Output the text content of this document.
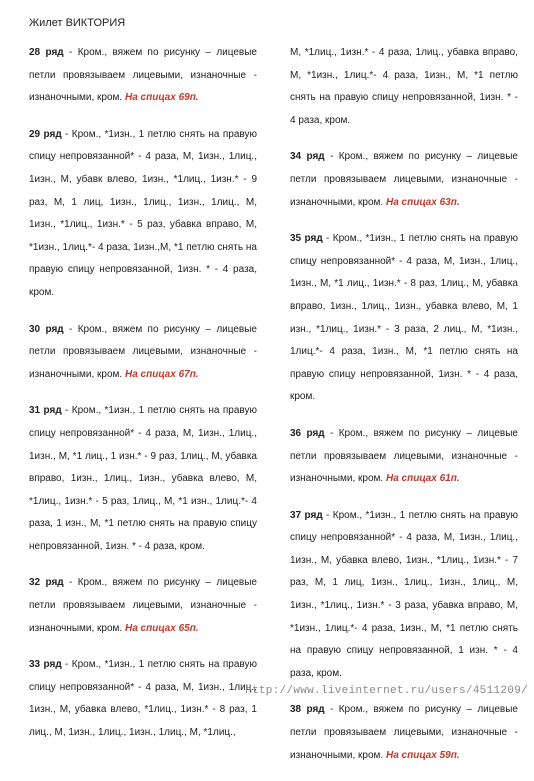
Жилет ВИКТОРИЯ

28 ряд - Кром., вяжем по рисунку – лицевые петли провязываем лицевыми, изнаночные - изнаночными, кром. На спицах 69п.

29 ряд - Кром., *1изн., 1 петлю снять на правую спицу непровязанной* - 4 раза, М, 1изн., 1лиц., 1изн., М, убавк влево, 1изн., *1лиц., 1изн.* - 9 раз, М, 1 лиц, 1изн., 1лиц., 1изн., 1лиц., М, 1изн., *1лиц., 1изн.* - 5 раз, убавка вправо, М, *1изн., 1лиц.*- 4 раза, 1изн.,М, *1 петлю снять на правую спицу непровязанной, 1изн. * - 4 раза, кром.

30 ряд - Кром., вяжем по рисунку – лицевые петли провязываем лицевыми, изнаночные - изнаночными, кром. На спицах 67п.

31 ряд - Кром., *1изн., 1 петлю снять на правую спицу непровязанной* - 4 раза, М, 1изн., 1лиц., 1изн., М, *1 лиц., 1 изн.* - 9 раз, 1лиц., М, убавка вправо, 1изн., 1лиц., 1изн., убавка влево, М, *1лиц., 1изн.* - 5 раз, 1лиц., М, *1 изн., 1лиц.*- 4 раза, 1 изн., М, *1 петлю снять на правую спицу непровязанной, 1изн. * - 4 раза, кром.

32 ряд - Кром., вяжем по рисунку – лицевые петли провязываем лицевыми, изнаночные - изнаночными, кром. На спицах 65п.

33 ряд - Кром., *1изн., 1 петлю снять на правую спицу непровязанной* - 4 раза, М, 1изн., 1лиц., 1изн., М, убавка влево, *1лиц., 1изн.* - 8 раз, 1 лиц., М, 1изн., 1лиц., 1изн., 1лиц., М, *1лиц.,

М, *1лиц., 1изн.* - 4 раза, 1лиц., убавка вправо, М, *1изн., 1лиц.*- 4 раза, 1изн., М, *1 петлю снять на правую спицу непровязанной, 1изн. * - 4 раза, кром.

34 ряд - Кром., вяжем по рисунку – лицевые петли провязываем лицевыми, изнаночные - изнаночными, кром. На спицах 63п.

35 ряд - Кром., *1изн., 1 петлю снять на правую спицу непровязанной* - 4 раза, М, 1изн., 1лиц., 1изн., М, *1 лиц., 1изн.* - 8 раз, 1лиц., М, убавка вправо, 1изн., 1лиц., 1изн., убавка влево, М, 1 изн., *1лиц., 1изн.* - 3 раза, 2 лиц., М, *1изн., 1лиц.*- 4 раза, 1изн., М, *1 петлю снять на правую спицу непровязанной, 1изн. * - 4 раза, кром.

36 ряд - Кром., вяжем по рисунку – лицевые петли провязываем лицевыми, изнаночные - изнаночными, кром. На спицах 61п.

37 ряд - Кром., *1изн., 1 петлю снять на правую спицу непровязанной* - 4 раза, М, 1изн., 1лиц., 1изн., М, убавка влево, 1изн., *1лиц., 1изн.* - 7 раз, М, 1 лиц, 1изн., 1лиц., 1изн., 1лиц., М, 1изн., *1лиц., 1изн.* - 3 раза, убавка вправо, М, *1изн., 1лиц.*- 4 раза, 1изн., М, *1 петлю снять на правую спицу непровязанной, 1 изн. * - 4 раза, кром.

38 ряд - Кром., вяжем по рисунку – лицевые петли провязываем лицевыми, изнаночные - изнаночными, кром. На спицах 59п.

http://www.liveinternet.ru/users/4511209/
